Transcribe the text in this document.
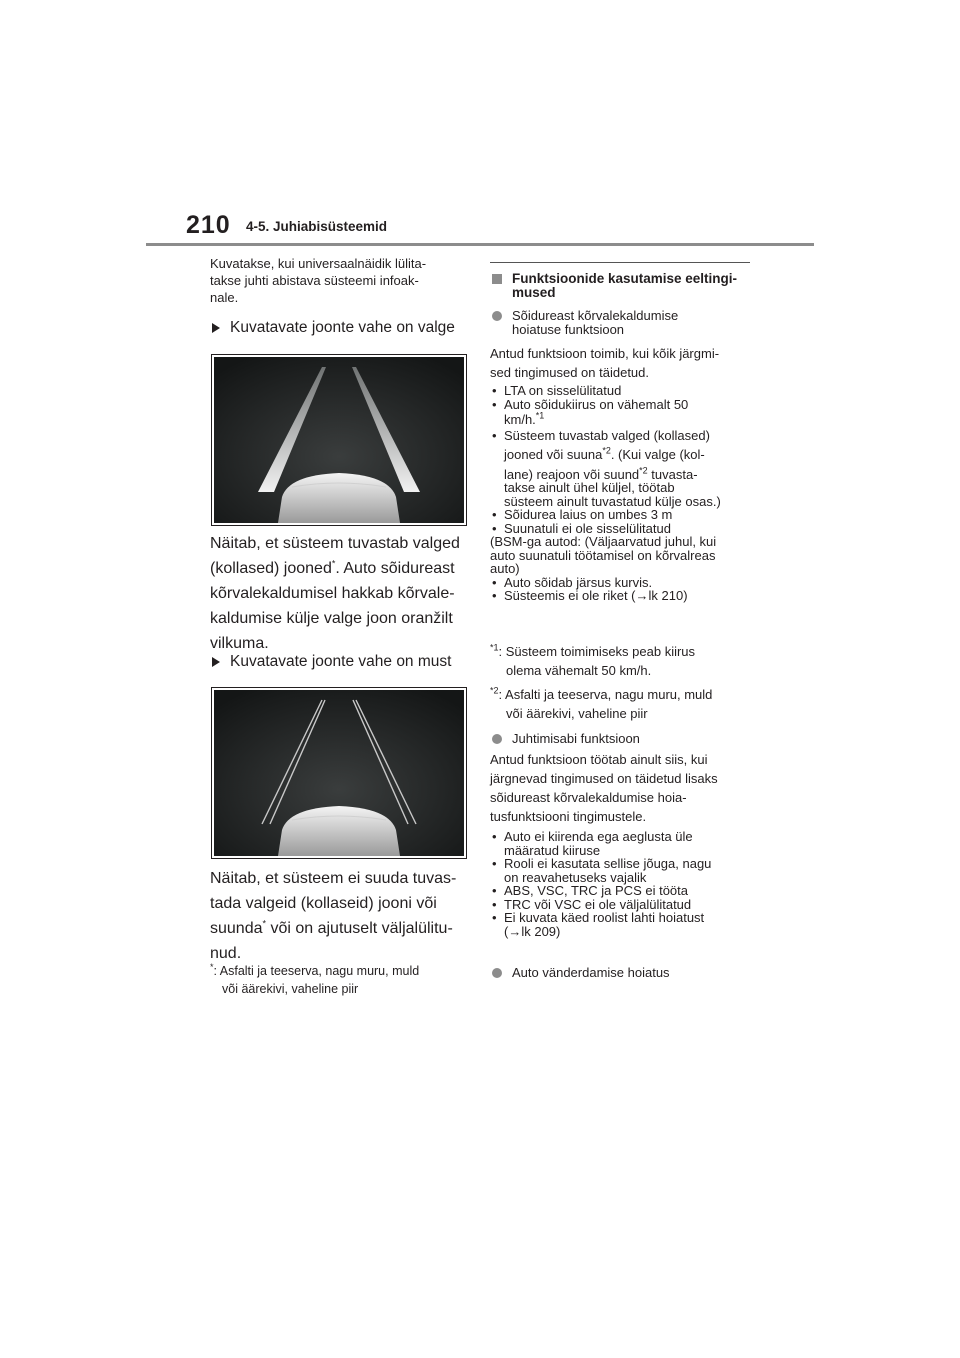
210 4-5. Juhiabisüsteemid
Kuvatakse, kui universaalnäidik lülita-
takse juhti abistava süsteemi infoak-
nale.
Kuvatavate joonte vahe on valge
Näitab, et süsteem tuvastab valged
(kollased) jooned*. Auto sõidureast
kõrvalekaldumisel hakkab kõrvale-
kaldumise külje valge joon oranžilt
vilkuma.
Kuvatavate joonte vahe on must
Näitab, et süsteem ei suuda tuvas-
tada valgeid (kollaseid) jooni või
suunda* või on ajutuselt väljalülitu-
nud.
*: Asfalti ja teeserva, nagu muru, muld
või äärekivi, vaheline piir
Funktsioonide kasutamise eeltingi-
mused
Sõidureast kõrvalekaldumise
hoiatuse funktsioon
Antud funktsioon toimib, kui kõik järgmi-
sed tingimused on täidetud.
• LTA on sisselülitatud
• Auto sõidukiirus on vähemalt 50
km/h.$^{*1}$
• Süsteem tuvastab valged (kollased)
jooned või suuna$^{*2}$. (Kui valge (kol-
lane) reajoon või suund$^{*2}$ tuvasta-
takse ainult ühel küljel, töötab
süsteem ainult tuvastatud külje osas.)
• Sõidurea laius on umbes 3 m
• Suunatuli ei ole sisselülitatud
(BSM-ga autod: (Väljaarvatud juhul, kui
auto suunatuli töötamisel on kõrvalreas
auto)
• Auto sõidab järsus kurvis.
• Süsteemis ei ole riket (→lk 210)
$^{*1}$: Süsteem toimimiseks peab kiirus
olema vähemalt 50 km/h.
$^{*2}$: Asfalti ja teeserva, nagu muru, muld
või äärekivi, vaheline piir
Juhtimisabi funktsioon
Antud funktsioon töötab ainult siis, kui
järgnevad tingimused on täidetud lisaks
sõidureast kõrvalekaldumise hoia-
tusfunktsiooni tingimustele.
• Auto ei kiirenda ega aeglusta üle
määratud kiiruse
• Rooli ei kasutata sellise jõuga, nagu
on reavahetuseks vajalik
• ABS, VSC, TRC ja PCS ei tööta
• TRC või VSC ei ole väljalülitatud
• Ei kuvata käed roolist lahti hoiatust
(→lk 209)
Auto vänderdamise hoiatus
